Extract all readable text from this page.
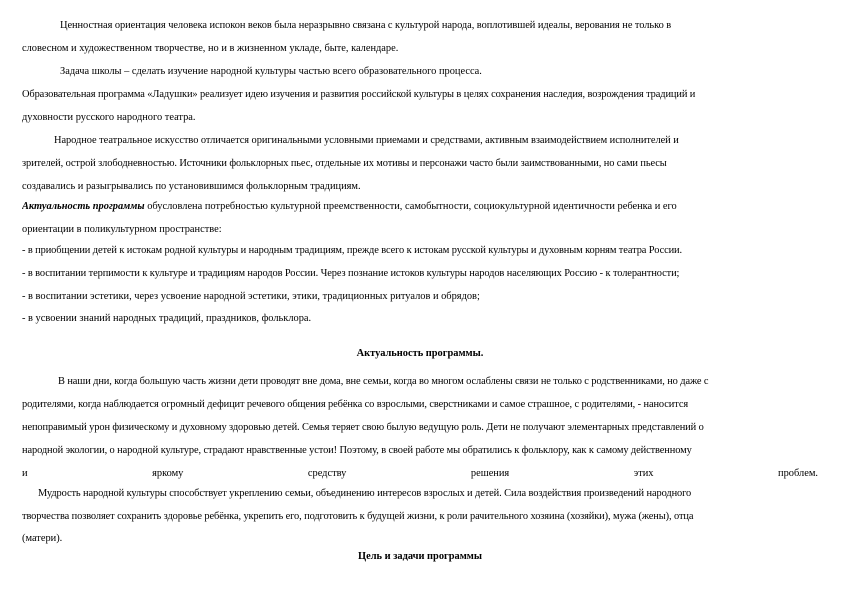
Ценностная ориентация человека испокон веков была неразрывно связана с культурой народа, воплотившей идеалы, верования не только в
словесном и художественном творчестве, но и в жизненном укладе, быте, календаре.
Задача школы – сделать изучение народной культуры частью всего образовательного процесса.
Образовательная программа «Ладушки» реализует идею изучения и развития российской культуры в целях сохранения наследия, возрождения традиций и
духовности русского народного театра.
Народное театральное искусство отличается оригинальными условными приемами и средствами, активным взаимодействием исполнителей и
зрителей, острой злободневностью. Источники фольклорных пьес, отдельные их мотивы и персонажи часто были заимствованными, но сами пьесы
создавались и разыгрывались по установившимся фольклорным традициям.
Актуальность программы обусловлена потребностью культурной преемственности, самобытности, социокультурной идентичности ребенка и его
ориентации в поликультурном пространстве:
- в приобщении детей к истокам родной культуры и народным традициям, прежде всего к истокам русской культуры и духовным корням театра России.
- в воспитании терпимости к культуре и традициям народов России. Через познание истоков культуры народов населяющих Россию - к толерантности;
- в воспитании эстетики, через усвоение народной эстетики, этики, традиционных ритуалов и обрядов;
- в усвоении знаний народных традиций, праздников, фольклора.
Актуальность программы.
В наши дни, когда большую часть жизни дети проводят вне дома, вне семьи, когда во многом ослаблены связи не только с родственниками, но даже с
родителями, когда наблюдается огромный дефицит речевого общения ребёнка со взрослыми, сверстниками и самое страшное, с родителями, - наносится
непоправимый урон физическому и духовному здоровью детей. Семья теряет свою былую ведущую роль. Дети не получают элементарных представлений о
народной экологии, о народной культуре, страдают нравственные устои! Поэтому, в своей работе мы обратились к фольклору, как к самому действенному
и	яркому	средству	решения	этих	проблем.
Мудрость народной культуры способствует укреплению семьи, объединению интересов взрослых и детей. Сила воздействия произведений народного
творчества позволяет сохранить здоровье ребёнка, укрепить его, подготовить к будущей жизни, к роли рачительного хозяина (хозяйки), мужа (жены), отца
(матери).
Цель и задачи программы
